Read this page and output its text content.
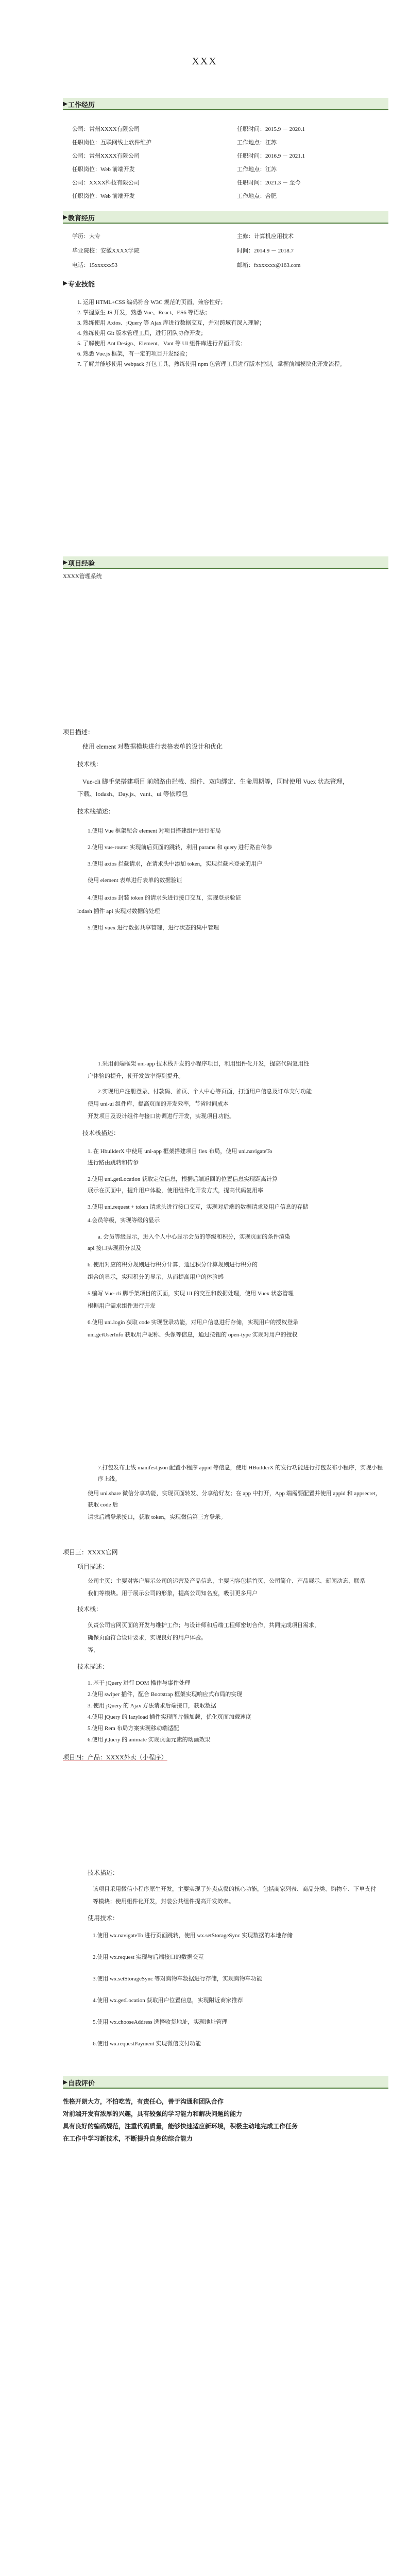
XXX
▶ 工作经历
公司：常州XXXX有限公司	任职时间：2015.9 － 2020.1
任职岗位：互联网线上软件维护	工作地点：江苏
公司：常州XXXX有限公司	任职时间：2016.9 － 2021.1
任职岗位：Web 前端开发	工作地点：江苏
公司：XXXX科技有限公司	任职时间：2021.3 － 至今
任职岗位：Web 前端开发	工作地点：合肥
▶ 教育经历
学历：大专	主修：计算机应用技术
毕业院校：安徽XXXX学院	时间：2014.9 － 2018.7
电话：15xxxxxx53	邮箱：fxxxxxxx@163.com
▶ 专业技能
1. 运用 HTML+CSS 编码符合 W3C 规范的页面，兼容性好；
2. 掌握原生 JS 开发，熟悉 Vue、React、ES6 等语法；
3. 熟练使用 Axios、jQuery 等 Ajax 库进行数据交互，并对跨域有深入理解；
4. 熟练使用 Git 版本管理工具，进行团队协作开发；
5. 了解使用 Ant Design、Element、Vant 等 UI 组件库进行界面开发；
6. 熟悉 Vue.js 框架，有一定的项目开发经验；
7. 了解并能够使用 webpack 打包工具，熟练使用 npm 包管理工具进行版本控制，掌握前端模块化开发流程。
▶ 项目经验
XXXX管理系统
项目描述：
使用 element 对数据模块进行表格表单的设计和优化
技术栈：
Vue-cli 脚手架搭建项目 前端路由拦截、组件、双向绑定、生命周期等，同时使用 Vuex 状态管理，
下载、lodash、Day.js、vant、ui 等依赖包
技术栈描述：
1.使用 Vue 框架配合 element 对项目搭建组件进行布局
2.使用 vue-router 实现前后页面的跳转，利用 params 和 query 进行路由传参
3.使用 axios 拦截请求，在请求头中添加 token，实现拦截未登录的用户
使用 element 表单进行表单的数据验证
4.使用 axios 封装 token 的请求头进行接口交互，实现登录验证
lodash 插件 api 实现对数据的处理
5.使用 vuex 进行数据共享管理，进行状态的集中管理
1.采用前端框架 uni-app 技术栈开发的小程序项目，利用组件化开发，提高代码复用性
户体验的提升，使开发效率得到提升。
2.实现用户注册登录、付款码、首页、个人中心等页面，打通用户信息及订单支付功能
使用 uni-ui 组件库，提高页面的开发效率，节省时间成本
开发项目及设计组件与接口协调进行开发，实现项目功能。
技术栈描述：
1. 在 HbuilderX 中使用 uni-app 框架搭建项目 flex 布局，使用 uni.navigateTo
进行路由跳转和传参
2.使用 uni.getLocation 获取定位信息，根据后端返回的位置信息实现距离计算
展示在页面中，提升用户体验，使用组件化开发方式，提高代码复用率
3.使用 uni.request + token 请求头进行接口交互，实现对后端的数据请求及用户信息的存储
4.会员等级，实现等级的显示
a. 会员等级显示，进入个人中心显示会员的等级和积分，实现页面的条件渲染
api 接口实现积分以及
b. 使用对应的积分规则进行积分计算，通过积分计算规则进行积分的
组合的显示，实现积分的显示，从而提高用户的体验感
5.编写 Vue-cli 脚手架项目的页面，实现 UI 的交互和数据处理，使用 Vuex 状态管理
根据用户需求组件进行开发
6.使用 uni.login 获取 code 实现登录功能，对用户信息进行存储，实现用户的授权登录
uni.getUserInfo 获取用户昵称、头像等信息，通过按钮的 open-type 实现对用户的授权
7.打包发布上线 manifest.json 配置小程序 appid 等信息，使用 HBuilderX 的发行功能进行打包发布小程序，实现小程序上线。
使用 uni.share 微信分享功能，实现页面转发、分享给好友；在 app 中打开，App 端需要配置并使用 appid 和 appsecret，获取 code 后
请求后端登录接口，获取 token，实现微信第三方登录。
项目三：XXXX官网
项目描述：
公司主页：主要对客户展示公司的运营及产品信息，主要内容包括首页、公司简介、产品展示、新闻动态、联系
我们等模块。用于展示公司的形象，提高公司知名度，吸引更多用户
技术栈：
负责公司官网页面的开发与维护工作；与设计师和后端工程师密切合作，共同完成项目需求，
确保页面符合设计要求，实现良好的用户体验。
等，
技术描述：
1. 基于 jQuery 进行 DOM 操作与事件处理
2.使用 swiper 插件，配合 Bootstrap 框架实现响应式布局的实现
3. 使用 jQuery 的 Ajax 方法请求后端接口，获取数据
4.使用 jQuery 的 lazyload 插件实现图片懒加载，优化页面加载速度
5.使用 Rem 布局方案实现移动端适配
6.使用 jQuery 的 animate 实现页面元素的动画效果
项目四：产品：XXXX外卖（小程序）
技术描述：
该项目采用微信小程序原生开发，主要实现了外卖点餐的核心功能，包括商家列表、商品分类、购物车、下单支付
等模块；使用组件化开发，封装公共组件提高开发效率。
使用技术：
1.使用 wx.navigateTo 进行页面跳转，使用 wx.setStorageSync 实现数据的本地存储
2.使用 wx.request 实现与后端接口的数据交互
3.使用 wx.setStorageSync 等对购物车数据进行存储，实现购物车功能
4.使用 wx.getLocation 获取用户位置信息，实现附近商家推荐
5.使用 wx.chooseAddress 选择收货地址，实现地址管理
6.使用 wx.requestPayment 实现微信支付功能
▶ 自我评价
性格开朗大方，不怕吃苦，有责任心，善于沟通和团队合作
对前端开发有浓厚的兴趣，具有较强的学习能力和解决问题的能力
具有良好的编码规范，注重代码质量，能够快速适应新环境，积极主动地完成工作任务
在工作中学习新技术，不断提升自身的综合能力
